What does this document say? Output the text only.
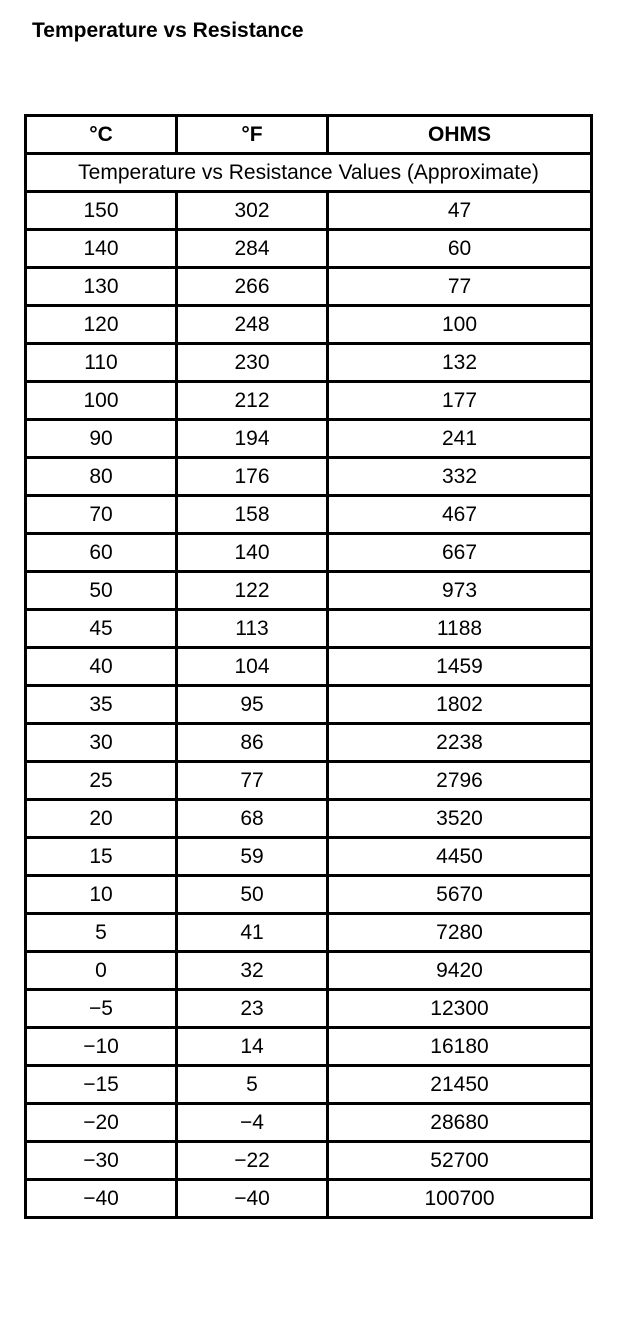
Temperature vs Resistance
°C	°F	OHMS
Temperature vs Resistance Values (Approximate)		
150	302	47
140	284	60
130	266	77
120	248	100
110	230	132
100	212	177
90	194	241
80	176	332
70	158	467
60	140	667
50	122	973
45	113	1188
40	104	1459
35	95	1802
30	86	2238
25	77	2796
20	68	3520
15	59	4450
10	50	5670
5	41	7280
0	32	9420
−5	23	12300
−10	14	16180
−15	5	21450
−20	−4	28680
−30	−22	52700
−40	−40	100700
